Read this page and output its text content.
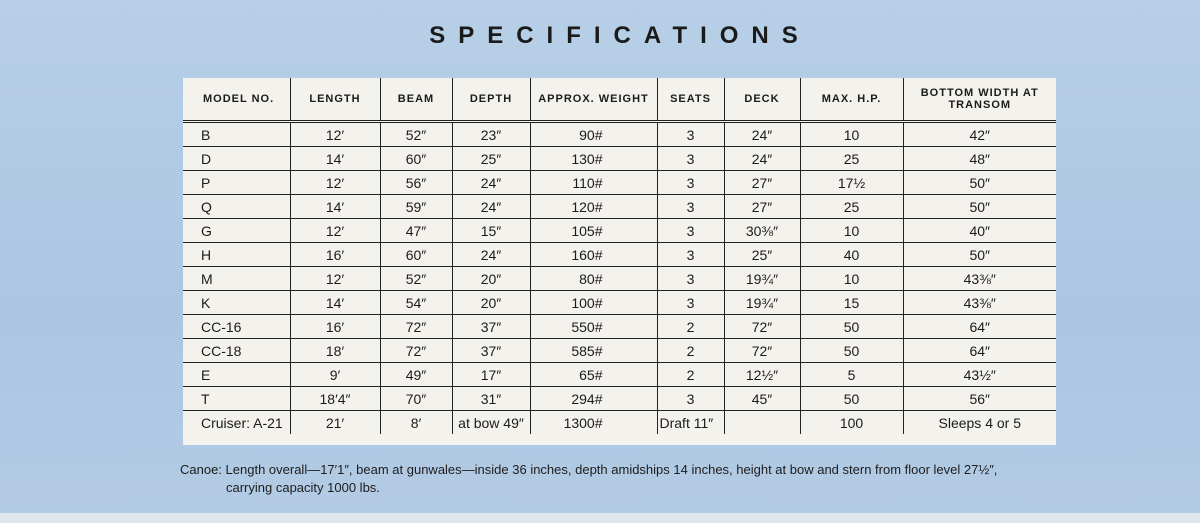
SPECIFICATIONS
MODEL NO.	LENGTH	BEAM	DEPTH	APPROX. WEIGHT	SEATS	DECK	MAX. H.P.	BOTTOM WIDTH AT
TRANSOM
B	12′	52″	23″	90#	3	24″	10	42″
D	14′	60″	25″	130#	3	24″	25	48″
P	12′	56″	24″	110#	3	27″	17½	50″
Q	14′	59″	24″	120#	3	27″	25	50″
G	12′	47″	15″	105#	3	30⅜″	10	40″
H	16′	60″	24″	160#	3	25″	40	50″
M	12′	52″	20″	80#	3	19¾″	10	43⅜″
K	14′	54″	20″	100#	3	19¾″	15	43⅜″
CC-16	16′	72″	37″	550#	2	72″	50	64″
CC-18	18′	72″	37″	585#	2	72″	50	64″
E	9′	49″	17″	65#	2	12½″	5	43½″
T	18′4″	70″	31″	294#	3	45″	50	56″
Cruiser: A-21	21′	8′	at bow 49″	1300#	Draft 11″		100	Sleeps 4 or 5
Canoe: Length overall—17′1″, beam at gunwales—inside 36 inches, depth amidships 14 inches, height at bow and stern from floor level 27½″,
carrying capacity 1000 lbs.
